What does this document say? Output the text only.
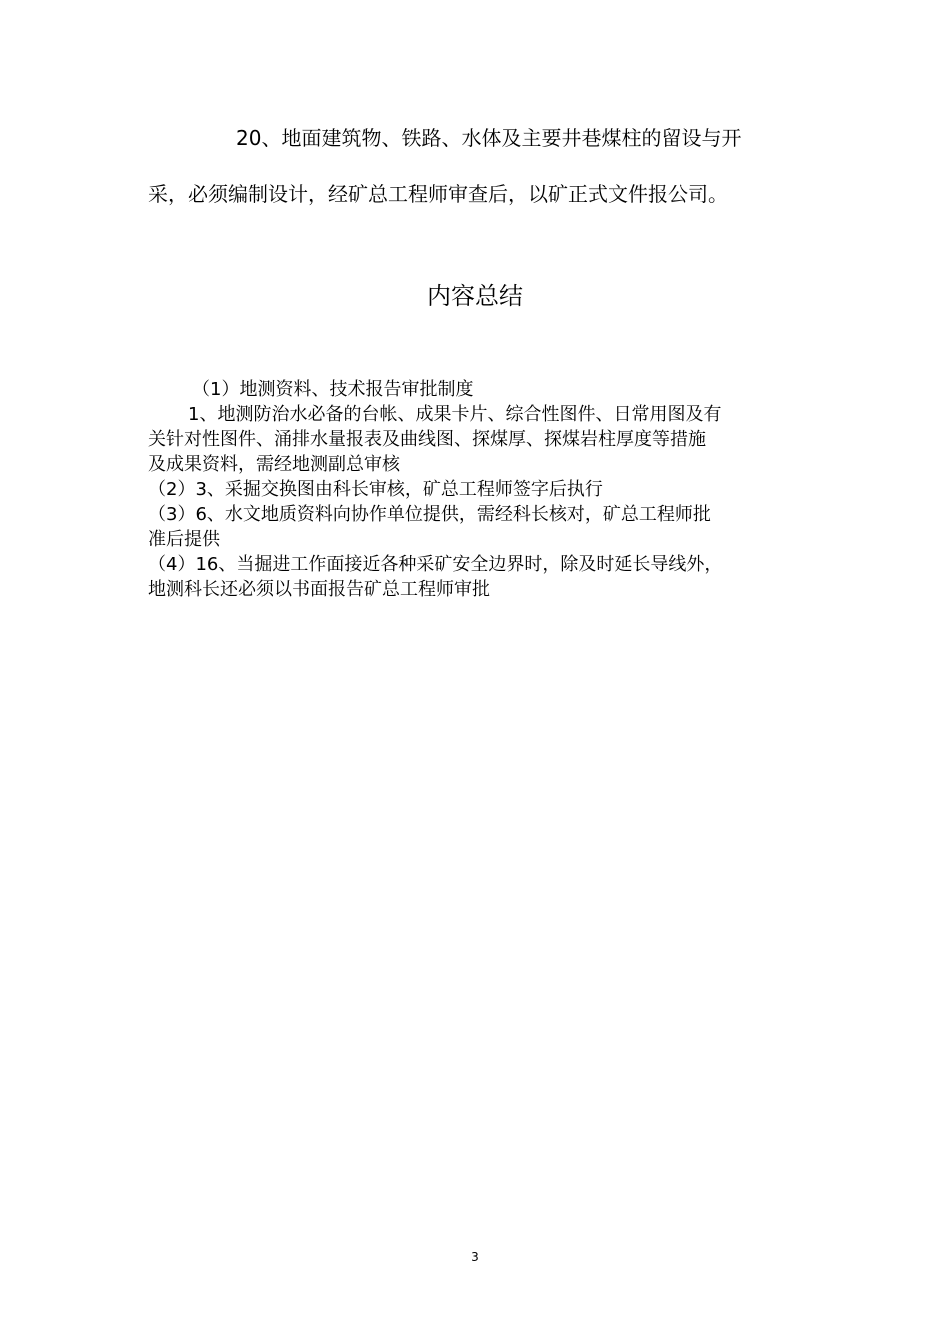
20、地面建筑物、铁路、水体及主要井巷煤柱的留设与开
采，必须编制设计，经矿总工程师审查后，以矿正式文件报公司。

内容总结
（1）地测资料、技术报告审批制度
1、地测防治水必备的台帐、成果卡片、综合性图件、日常用图及有
关针对性图件、涌排水量报表及曲线图、探煤厚、探煤岩柱厚度等措施
及成果资料，需经地测副总审核
（2）3、采掘交换图由科长审核，矿总工程师签字后执行
（3）6、水文地质资料向协作单位提供，需经科长核对，矿总工程师批
准后提供
（4）16、当掘进工作面接近各种采矿安全边界时，除及时延长导线外，
地测科长还必须以书面报告矿总工程师审批
3
